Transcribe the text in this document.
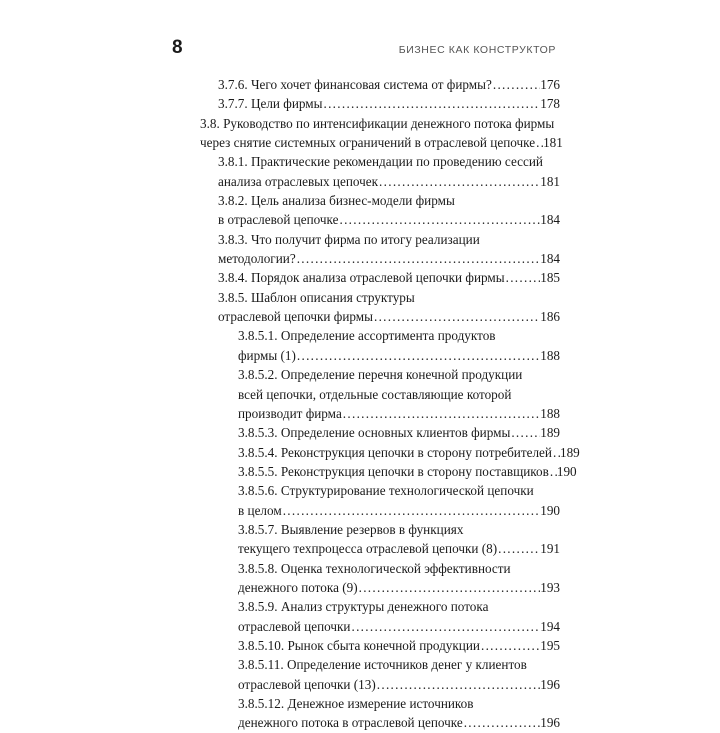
8	БИЗНЕС КАК КОНСТРУКТОР
3.7.6. Чего хочет финансовая система от фирмы? . . .	176
3.7.7. Цели фирмы . . .	178
3.8. Руководство по интенсификации денежного потока фирмы
через снятие системных ограничений в отраслевой цепочке . . . 181
3.8.1. Практические рекомендации по проведению сессий
анализа отраслевых цепочек . . .	181
3.8.2. Цель анализа бизнес-модели фирмы
в отраслевой цепочке . . .	184
3.8.3. Что получит фирма по итогу реализации
методологии? . . .	184
3.8.4. Порядок анализа отраслевой цепочки фирмы . . .	185
3.8.5. Шаблон описания структуры
отраслевой цепочки фирмы . . .	186
3.8.5.1. Определение ассортимента продуктов
фирмы (1) . . .	188
3.8.5.2. Определение перечня конечной продукции
всей цепочки, отдельные составляющие которой
производит фирма . . .	188
3.8.5.3. Определение основных клиентов фирмы . . . 189
3.8.5.4. Реконструкция цепочки в сторону потребителей . . . 189
3.8.5.5. Реконструкция цепочки в сторону поставщиков . . . 190
3.8.5.6. Структурирование технологической цепочки
в целом . . .	190
3.8.5.7. Выявление резервов в функциях
текущего техпроцесса отраслевой цепочки (8) . . .	191
3.8.5.8. Оценка технологической эффективности
денежного потока (9) . . .	193
3.8.5.9. Анализ структуры денежного потока
отраслевой цепочки . . .	194
3.8.5.10. Рынок сбыта конечной продукции . . .	195
3.8.5.11. Определение источников денег у клиентов
отраслевой цепочки (13) . . .	196
3.8.5.12. Денежное измерение источников
денежного потока в отраслевой цепочке . . .	196
